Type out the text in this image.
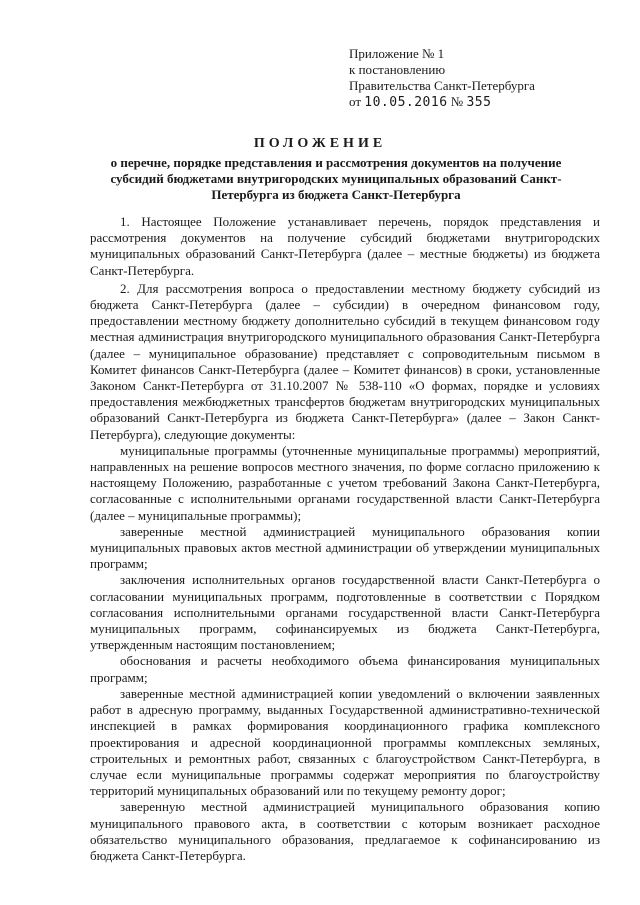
Приложение № 1
к постановлению
Правительства Санкт-Петербурга
от 10.05.2016 № 355
ПОЛОЖЕНИЕ
о перечне, порядке представления и рассмотрения документов на получение субсидий бюджетами внутригородских муниципальных образований Санкт-Петербурга из бюджета Санкт-Петербурга

1. Настоящее Положение устанавливает перечень, порядок представления и рассмотрения документов на получение субсидий бюджетами внутригородских муниципальных образований Санкт-Петербурга (далее – местные бюджеты) из бюджета Санкт-Петербурга.

2. Для рассмотрения вопроса о предоставлении местному бюджету субсидий из бюджета Санкт-Петербурга (далее – субсидии) в очередном финансовом году, предоставлении местному бюджету дополнительно субсидий в текущем финансовом году местная администрация внутригородского муниципального образования Санкт-Петербурга (далее – муниципальное образование) представляет с сопроводительным письмом в Комитет финансов Санкт-Петербурга (далее – Комитет финансов) в сроки, установленные Законом Санкт-Петербурга от 31.10.2007 № 538-110 «О формах, порядке и условиях предоставления межбюджетных трансфертов бюджетам внутригородских муниципальных образований Санкт-Петербурга из бюджета Санкт-Петербурга» (далее – Закон Санкт-Петербурга), следующие документы:

муниципальные программы (уточненные муниципальные программы) мероприятий, направленных на решение вопросов местного значения, по форме согласно приложению к настоящему Положению, разработанные с учетом требований Закона Санкт-Петербурга, согласованные с исполнительными органами государственной власти Санкт-Петербурга (далее – муниципальные программы);

заверенные местной администрацией муниципального образования копии муниципальных правовых актов местной администрации об утверждении муниципальных программ;

заключения исполнительных органов государственной власти Санкт-Петербурга о согласовании муниципальных программ, подготовленные в соответствии с Порядком согласования исполнительными органами государственной власти Санкт-Петербурга муниципальных программ, софинансируемых из бюджета Санкт-Петербурга, утвержденным настоящим постановлением;

обоснования и расчеты необходимого объема финансирования муниципальных программ;

заверенные местной администрацией копии уведомлений о включении заявленных работ в адресную программу, выданных Государственной административно-технической инспекцией в рамках формирования координационного графика комплексного проектирования и адресной координационной программы комплексных земляных, строительных и ремонтных работ, связанных с благоустройством Санкт-Петербурга, в случае если муниципальные программы содержат мероприятия по благоустройству территорий муниципальных образований или по текущему ремонту дорог;

заверенную местной администрацией муниципального образования копию муниципального правового акта, в соответствии с которым возникает расходное обязательство муниципального образования, предлагаемое к софинансированию из бюджета Санкт-Петербурга.
